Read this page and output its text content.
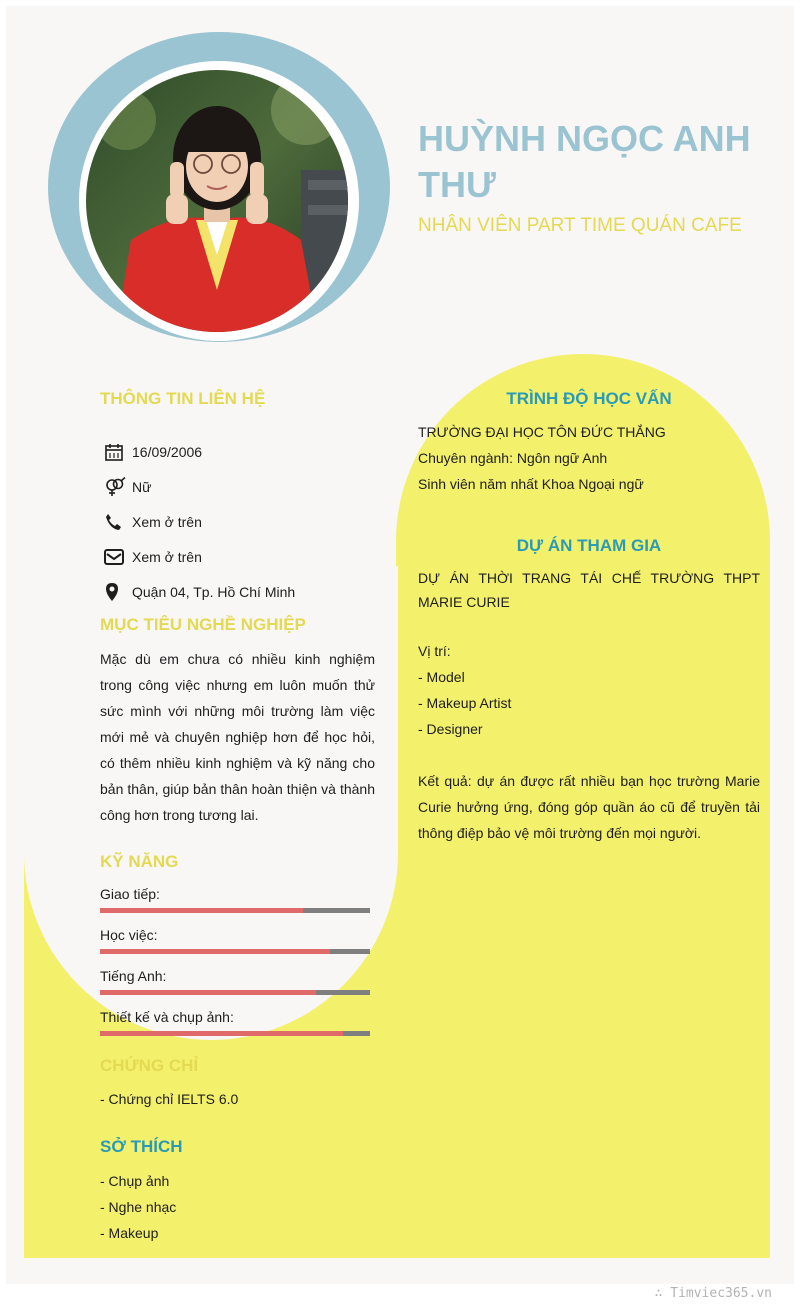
HUỲNH NGỌC ANH THƯ
NHÂN VIÊN PART TIME QUÁN CAFE
THÔNG TIN LIÊN HỆ
16/09/2006
Nữ
Xem ở trên
Xem ở trên
Quận 04, Tp. Hồ Chí Minh
MỤC TIÊU NGHỀ NGHIỆP
Mặc dù em chưa có nhiều kinh nghiệm trong công việc nhưng em luôn muốn thử sức mình với những môi trường làm việc mới mẻ và chuyên nghiệp hơn để học hỏi, có thêm nhiều kinh nghiệm và kỹ năng cho bản thân, giúp bản thân hoàn thiện và thành công hơn trong tương lai.
KỸ NĂNG
Giao tiếp:
Học việc:
Tiếng Anh:
Thiết kế và chụp ảnh:
CHỨNG CHỈ
- Chứng chỉ IELTS 6.0
SỞ THÍCH
- Chụp ảnh
- Nghe nhạc
- Makeup
TRÌNH ĐỘ HỌC VẤN
TRƯỜNG ĐẠI HỌC TÔN ĐỨC THẮNG
Chuyên ngành: Ngôn ngữ Anh
Sinh viên năm nhất Khoa Ngoại ngữ
DỰ ÁN THAM GIA
DỰ ÁN THỜI TRANG TÁI CHẾ TRƯỜNG THPT MARIE CURIE
Vị trí:
- Model
- Makeup Artist
- Designer
Kết quả: dự án được rất nhiều bạn học trường Marie Curie hưởng ứng, đóng góp quần áo cũ để truyền tải thông điệp bảo vệ môi trường đến mọi người.
∴ Timviec365.vn
